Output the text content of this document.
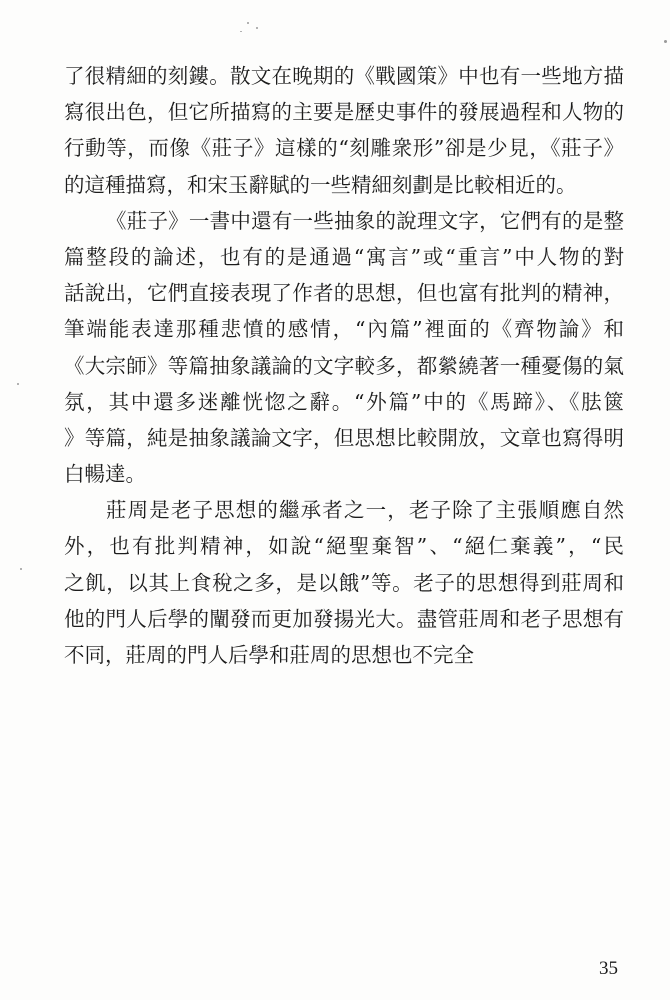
了很精細的刻鏤。散文在晚期的《戰國策》中也有一些地方描
寫很出色，但它所描寫的主要是歷史事件的發展過程和人物的
行動等，而像《莊子》這樣的“刻雕衆形”卻是少見，《莊子》
的這種描寫，和宋玉辭賦的一些精細刻劃是比較相近的。
《莊子》一書中還有一些抽象的說理文字，它們有的是整
篇整段的論述，也有的是通過“寓言”或“重言”中人物的對
話說出，它們直接表現了作者的思想，但也富有批判的精神，
筆端能表達那種悲憤的感情，“內篇”裡面的《齊物論》和
《大宗師》等篇抽象議論的文字較多，都縈繞著一種憂傷的氣
氛，其中還多迷離恍惚之辭。“外篇”中的《馬蹄》、《胠篋
》等篇，純是抽象議論文字，但思想比較開放，文章也寫得明
白暢達。
莊周是老子思想的繼承者之一，老子除了主張順應自然
外，也有批判精神，如說“絕聖棄智”、“絕仁棄義”，“民
之飢，以其上食稅之多，是以餓”等。老子的思想得到莊周和
他的門人后學的闡發而更加發揚光大。盡管莊周和老子思想有
不同，莊周的門人后學和莊周的思想也不完全
35
